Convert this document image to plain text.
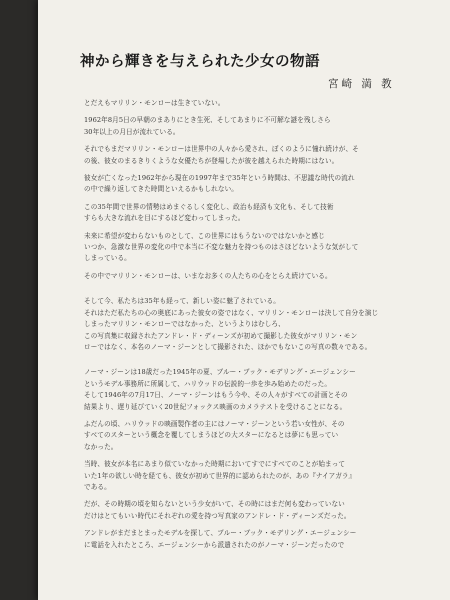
神から輝きを与えられた少女の物語
宮崎 満 教
とだえもマリリン・モンローは生きていない。
1962年8月5日の早朝のまありにとき生死、そしてあまりに不可解な謎を残しさら
30年以上の月日が流れている。
それでもまだマリリン・モンローは世界中の人々から愛され、ぼくのように憧れ続けが、そ
の後、彼女のまるきりくような女優たちが登場したが彼を越えられた時期にはない。
彼女が亡くなった1962年から現在の1997年まで35年という時間は、不思議な時代の流れ
の中で繰り返してきた時間といえるかもしれない。
この35年間で世界の情勢はめまぐるしく変化し、政治も経済も文化も、そして技術
すらも大きな流れを目にするほど変わってしまった。
未来に希望が変わらないものとして、この世界にはもうないのではないかと感じ
いつか、急激な世界の変化の中で本当に不変な魅力を持つものはさほどないような気がして
しまっている。
その中でマリリン・モンローは、いまなお多くの人たちの心をとらえ続けている。
そして今、私たちは35年も経って、新しい姿に魅了されている。
それはただ私たちの心の奥底にあった彼女の姿ではなく、マリリン・モンローは決して自分を演じ
しまったマリリン・モンローではなかった、というよりはむしろ、
この写真集に収録されたアンドレ・ド・ディーンズが初めて撮影した彼女がマリリン・モン
ローではなく、本名のノーマ・ジーンとして撮影された、ほかでもないこの写真の数々である。
ノーマ・ジーンは18歳だった1945年の夏、ブルー・ブック・モデリング・エージェンシー
というモデル事務所に所属して、ハリウッドの伝説的一歩を歩み始めたのだった。
そして1946年の7月17日、ノーマ・ジーンはもう今や、その人々がすべての計画とその
結果より、遅り延びていく20世紀フォックス映画のカメラテストを受けることになる。
ふだんの頃、ハリウッドの映画製作者の主にはノーマ・ジーンという若い女性が、その
すべてのスターという概念を覆してしまうほどの大スターになるとは夢にも思ってい
なかった。
当時、彼女が本名にあまり似ていなかった時期においてすでにすべてのことが始まって
いた1年の欲しい時を経ても、彼女が初めて世界的に認められたのが、あの『ナイアガラ』
である。
だが、その時期の頃を知らないという少女がいて、その時にはまだ何も変わっていない
だけはとてもいい時代にそれぞれの愛を持つ写真家のアンドレ・ド・ディーンズだった。
アンドレがまだまとまったモデルを探して、ブルー・ブック・モデリング・エージェンシー
に電話を入れたところ、エージェンシーから派遣されたのがノーマ・ジーンだったので
